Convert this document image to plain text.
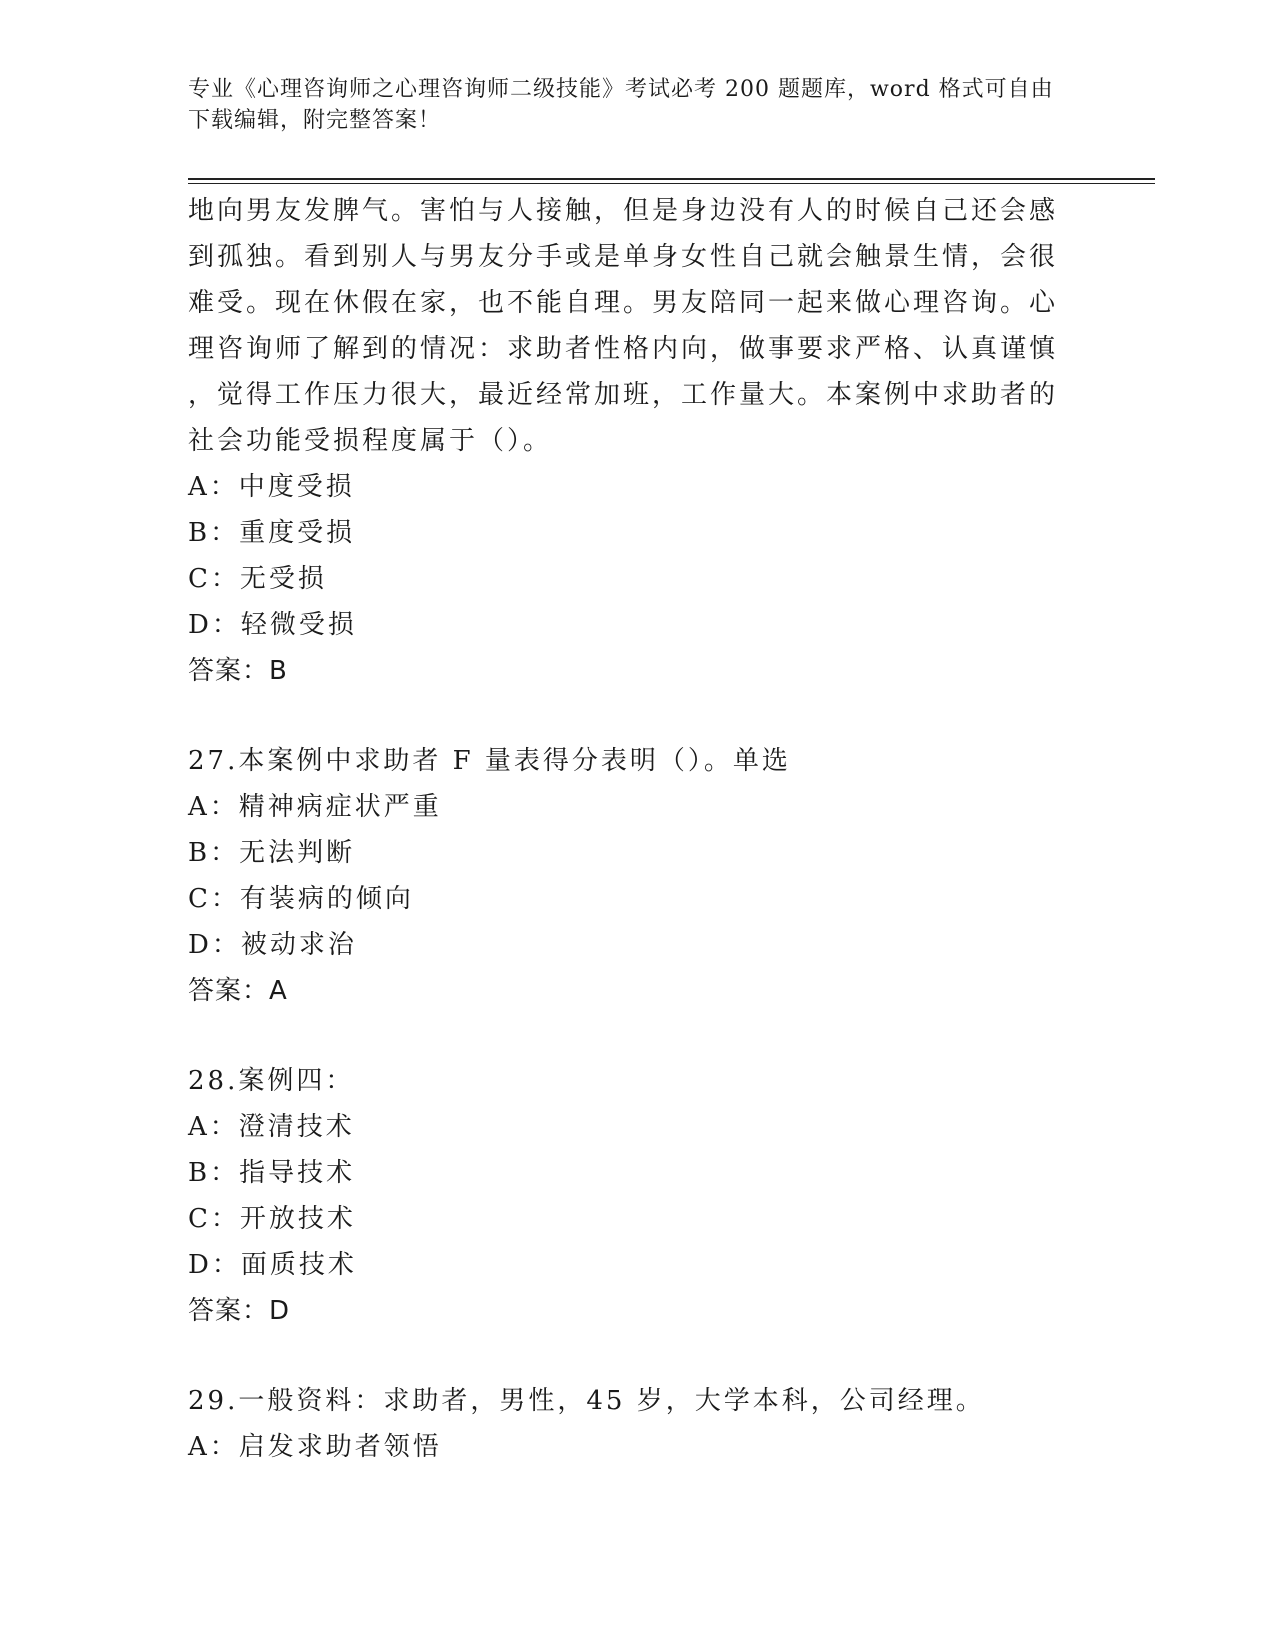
专业《心理咨询师之心理咨询师二级技能》考试必考 200 题题库，word 格式可自由下载编辑，附完整答案！
地向男友发脾气。害怕与人接触，但是身边没有人的时候自己还会感
到孤独。看到别人与男友分手或是单身女性自己就会触景生情，会很
难受。现在休假在家，也不能自理。男友陪同一起来做心理咨询。心
理咨询师了解到的情况：求助者性格内向，做事要求严格、认真谨慎
，觉得工作压力很大，最近经常加班，工作量大。本案例中求助者的
社会功能受损程度属于（）。
A：中度受损
B：重度受损
C：无受损
D：轻微受损
答案：B
27.本案例中求助者 F 量表得分表明（）。单选
A：精神病症状严重
B：无法判断
C：有装病的倾向
D：被动求治
答案：A
28.案例四：
A：澄清技术
B：指导技术
C：开放技术
D：面质技术
答案：D
29.一般资料：求助者，男性，45 岁，大学本科，公司经理。
A：启发求助者领悟
